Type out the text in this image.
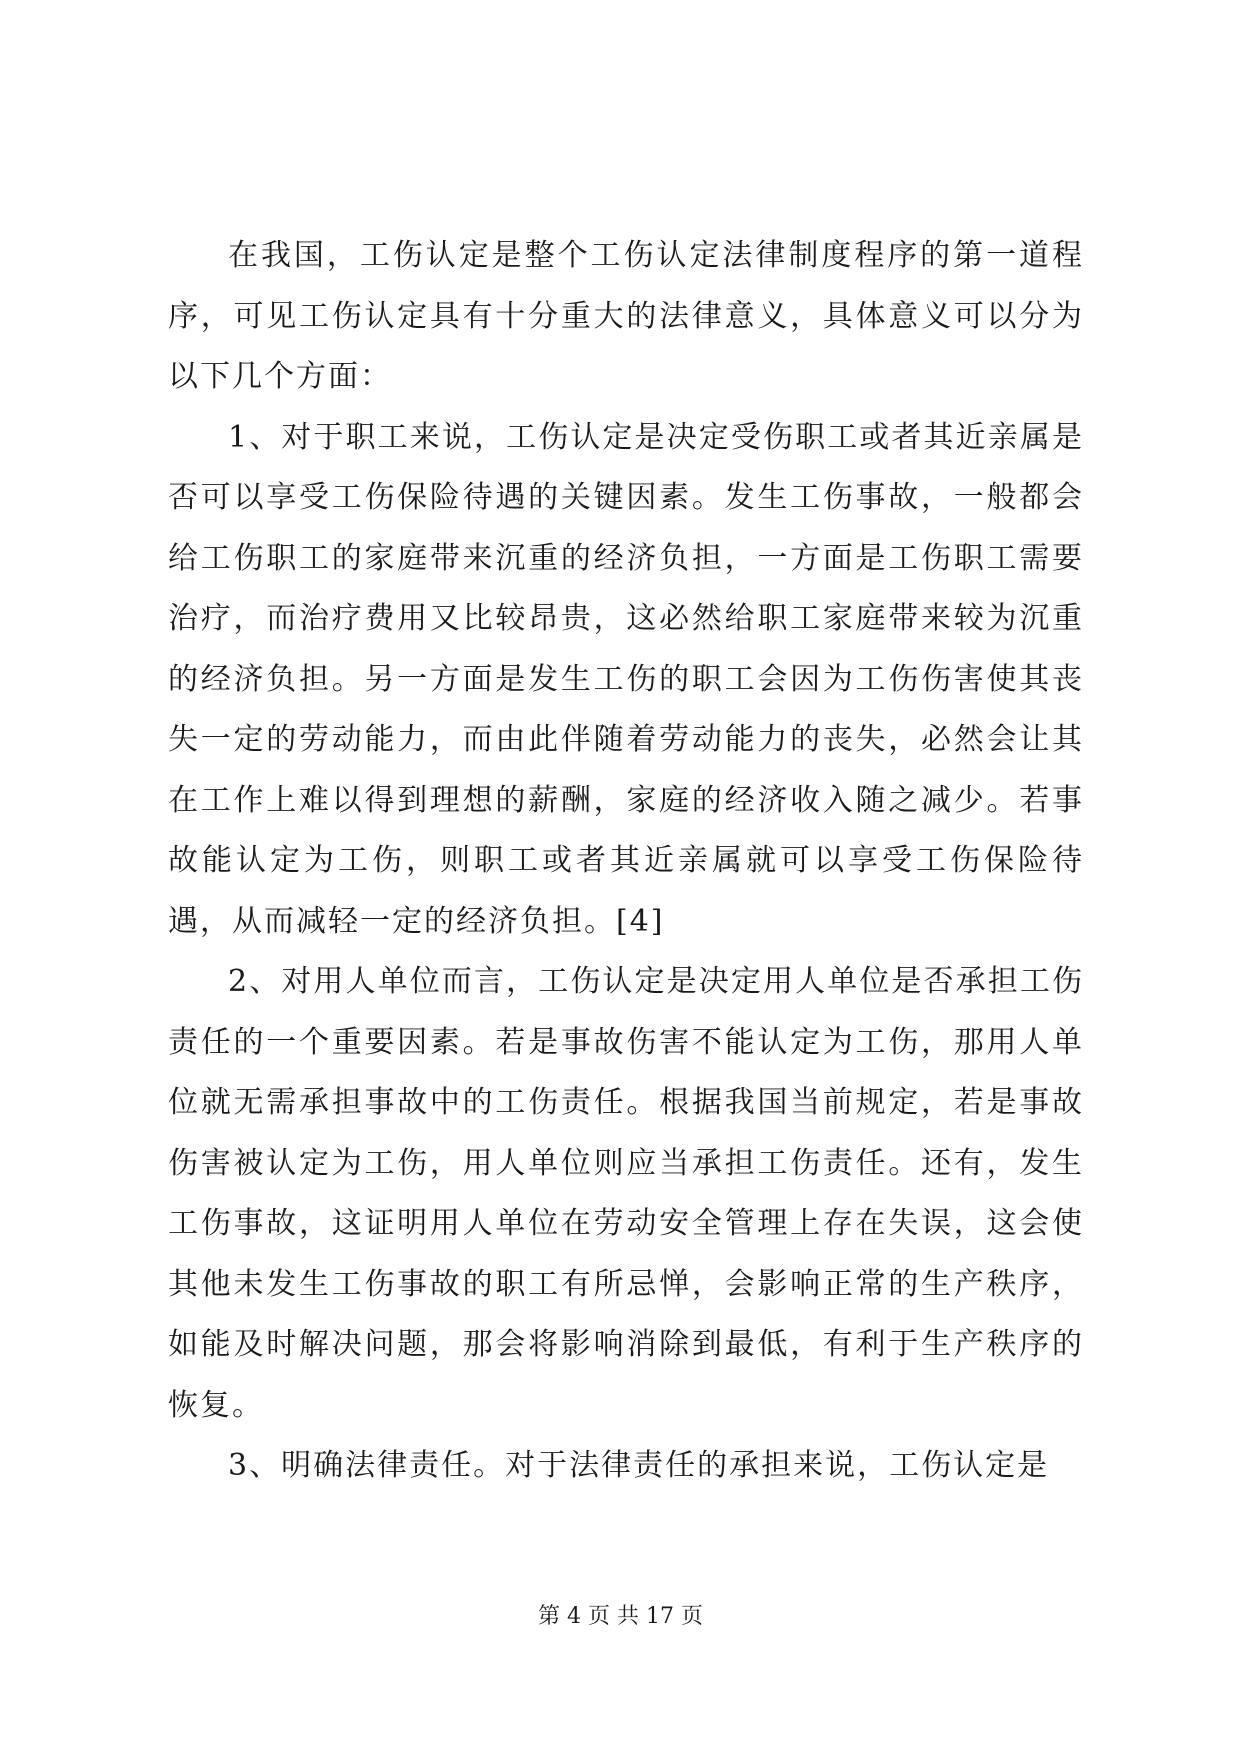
在我国，工伤认定是整个工伤认定法律制度程序的第一道程序，可见工伤认定具有十分重大的法律意义，具体意义可以分为以下几个方面：

1、对于职工来说，工伤认定是决定受伤职工或者其近亲属是否可以享受工伤保险待遇的关键因素。发生工伤事故，一般都会给工伤职工的家庭带来沉重的经济负担，一方面是工伤职工需要治疗，而治疗费用又比较昂贵，这必然给职工家庭带来较为沉重的经济负担。另一方面是发生工伤的职工会因为工伤伤害使其丧失一定的劳动能力，而由此伴随着劳动能力的丧失，必然会让其在工作上难以得到理想的薪酬，家庭的经济收入随之减少。若事故能认定为工伤，则职工或者其近亲属就可以享受工伤保险待遇，从而减轻一定的经济负担。[4]

2、对用人单位而言，工伤认定是决定用人单位是否承担工伤责任的一个重要因素。若是事故伤害不能认定为工伤，那用人单位就无需承担事故中的工伤责任。根据我国当前规定，若是事故伤害被认定为工伤，用人单位则应当承担工伤责任。还有，发生工伤事故，这证明用人单位在劳动安全管理上存在失误，这会使其他未发生工伤事故的职工有所忌惮，会影响正常的生产秩序，如能及时解决问题，那会将影响消除到最低，有利于生产秩序的恢复。

3、明确法律责任。对于法律责任的承担来说，工伤认定是

第 4 页 共 17 页
